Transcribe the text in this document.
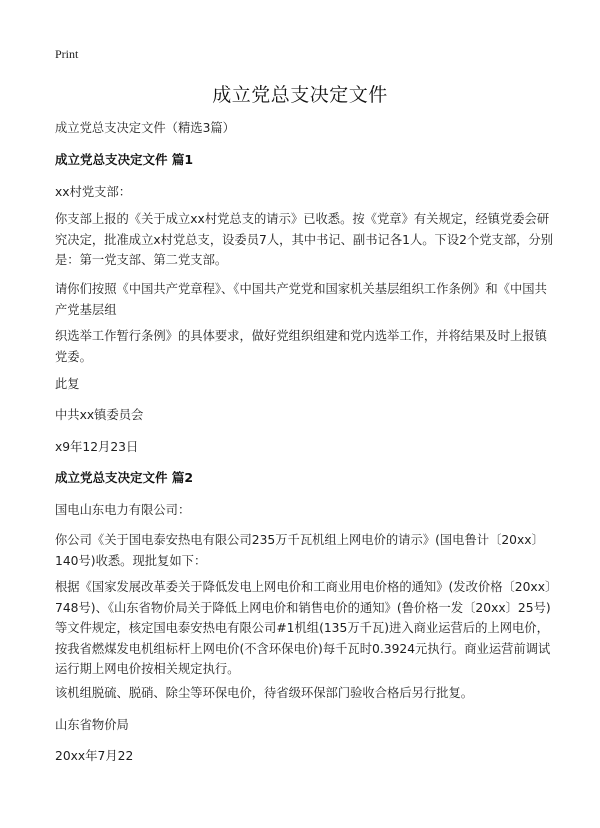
Print
成立党总支决定文件

成立党总支决定文件（精选3篇）

成立党总支决定文件 篇1

xx村党支部：

你支部上报的《关于成立xx村党总支的请示》已收悉。按《党章》有关规定，经镇党委会研究决定，批准成立x村党总支，设委员7人，其中书记、副书记各1人。下设2个党支部，分别是：第一党支部、第二党支部。

请你们按照《中国共产党章程》、《中国共产党党和国家机关基层组织工作条例》和《中国共产党基层组

织选举工作暂行条例》的具体要求，做好党组织组建和党内选举工作，并将结果及时上报镇党委。

此复

中共xx镇委员会

x9年12月23日

成立党总支决定文件 篇2

国电山东电力有限公司：

你公司《关于国电泰安热电有限公司235万千瓦机组上网电价的请示》(国电鲁计〔20xx〕140号)收悉。现批复如下：

根据《国家发展改革委关于降低发电上网电价和工商业用电价格的通知》(发改价格〔20xx〕748号)、《山东省物价局关于降低上网电价和销售电价的通知》(鲁价格一发〔20xx〕25号)等文件规定，核定国电泰安热电有限公司#1机组(135万千瓦)进入商业运营后的上网电价，按我省燃煤发电机组标杆上网电价(不含环保电价)每千瓦时0.3924元执行。商业运营前调试运行期上网电价按相关规定执行。

该机组脱硫、脱硝、除尘等环保电价，待省级环保部门验收合格后另行批复。

山东省物价局

20xx年7月22
